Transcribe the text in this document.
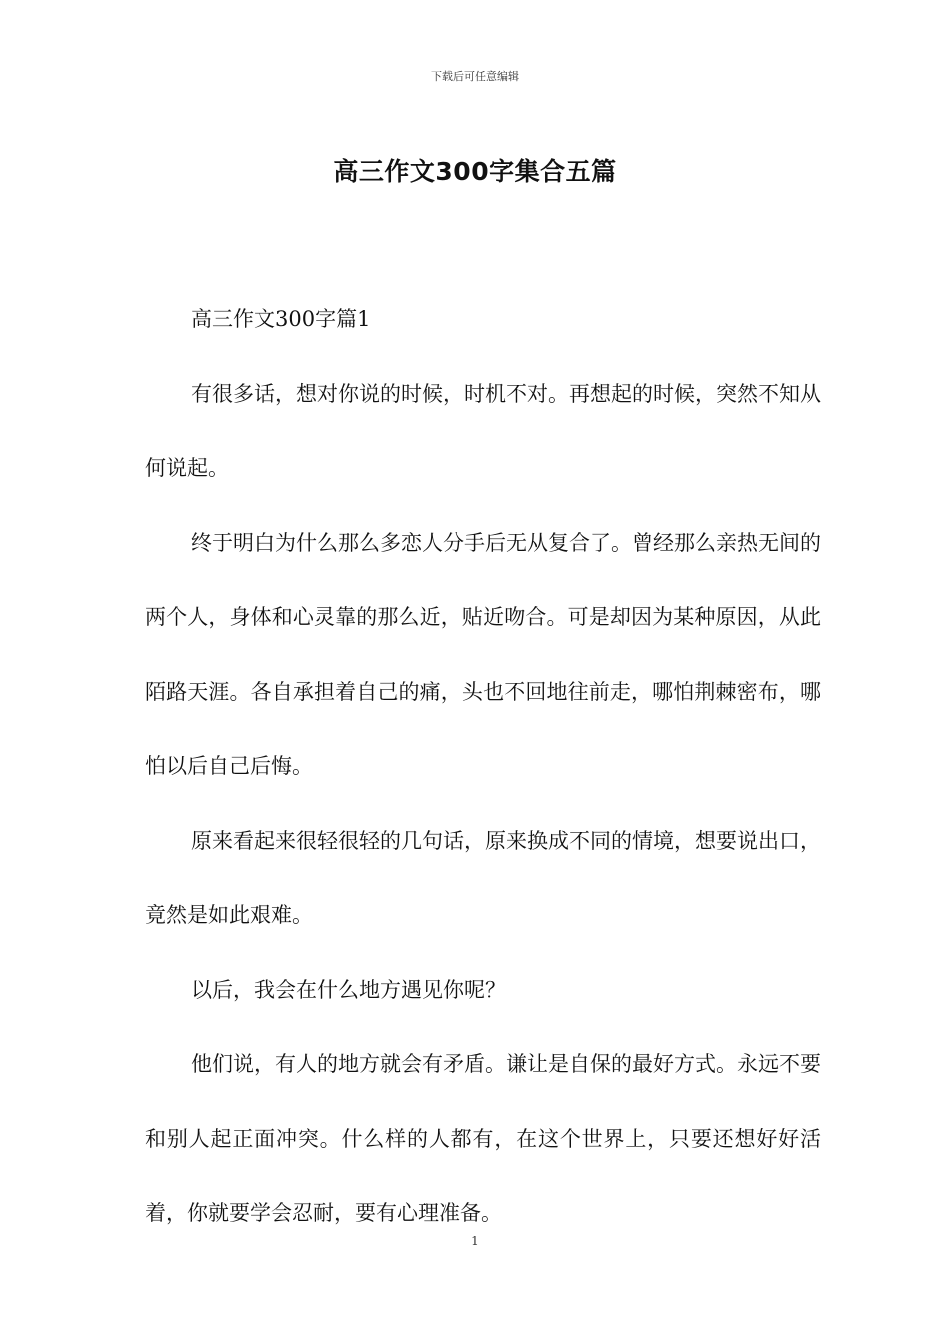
下载后可任意编辑
高三作文300字集合五篇

高三作文300字篇1

有很多话，想对你说的时候，时机不对。再想起的时候，突然不知从何说起。

终于明白为什么那么多恋人分手后无从复合了。曾经那么亲热无间的两个人，身体和心灵靠的那么近，贴近吻合。可是却因为某种原因，从此陌路天涯。各自承担着自己的痛，头也不回地往前走，哪怕荆棘密布，哪怕以后自己后悔。

原来看起来很轻很轻的几句话，原来换成不同的情境，想要说出口，竟然是如此艰难。

以后，我会在什么地方遇见你呢？

他们说，有人的地方就会有矛盾。谦让是自保的最好方式。永远不要和别人起正面冲突。什么样的人都有，在这个世界上，只要还想好好活着，你就要学会忍耐，要有心理准备。

1
